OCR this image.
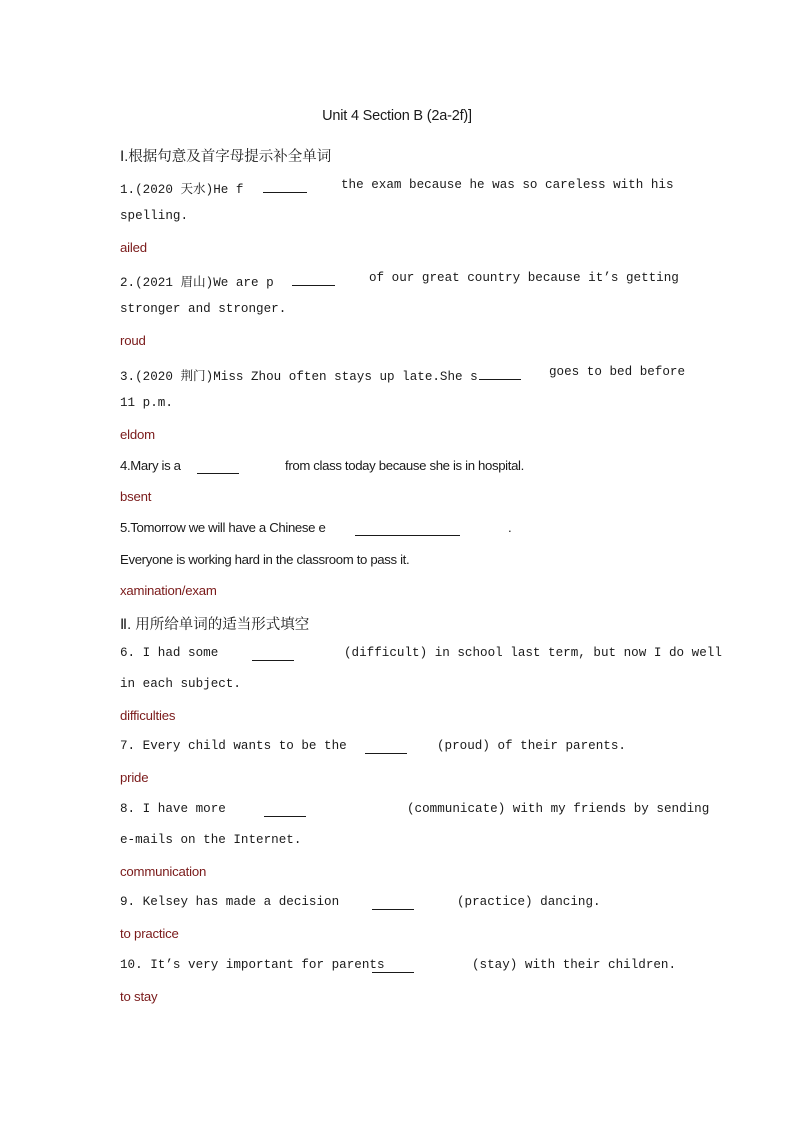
Unit 4 Section B (2a-2f)]
Ⅰ.根据句意及首字母提示补全单词

1.(2020 天水)He f

	the exam because he was so careless with his

spelling.
ailed

2.(2021 眉山)We are p

	of our great country because it’s getting

stronger and stronger.
roud

3.(2020 荆门)Miss Zhou often stays up late.She s

	goes to bed before

11 p.m.
eldom

4.Mary is a

	from class today because she is in hospital.

bsent

5.Tomorrow we will have a Chinese e

	.

Everyone is working hard in the classroom to pass it.
xamination/exam
Ⅱ. 用所给单词的适当形式填空

6. I had some

	(difficult) in school last term, but now I do well

in each subject.
difficulties

7. Every child wants to be the

	(proud) of their parents.

pride

8. I have more

	(communicate) with my friends by sending

e-mails on the Internet.
communication

9. Kelsey has made a decision

	(practice) dancing.

to practice

10. It’s very important for parents

	(stay) with their children.

to stay
